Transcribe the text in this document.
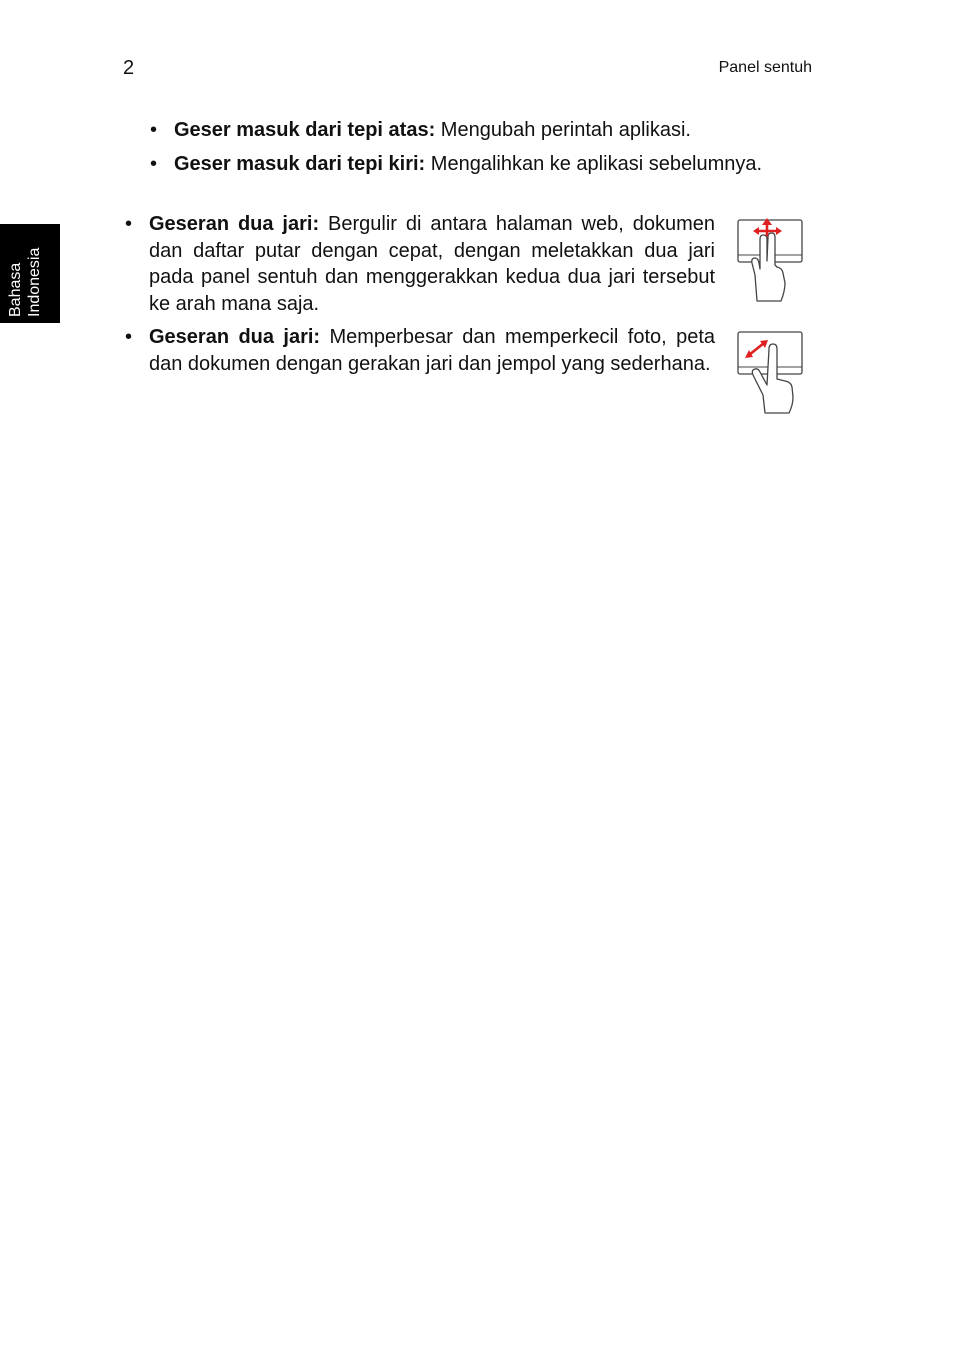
2	Panel sentuh
Bahasa Indonesia
• Geser masuk dari tepi atas: Mengubah perintah aplikasi.
• Geser masuk dari tepi kiri: Mengalihkan ke aplikasi sebelumnya.
• Geseran dua jari: Bergulir di antara halaman web, dokumen dan daftar putar dengan cepat, dengan meletakkan dua jari pada panel sentuh dan menggerakkan kedua dua jari tersebut ke arah mana saja.
• Geseran dua jari: Memperbesar dan memperkecil foto, peta dan dokumen dengan gerakan jari dan jempol yang sederhana.
